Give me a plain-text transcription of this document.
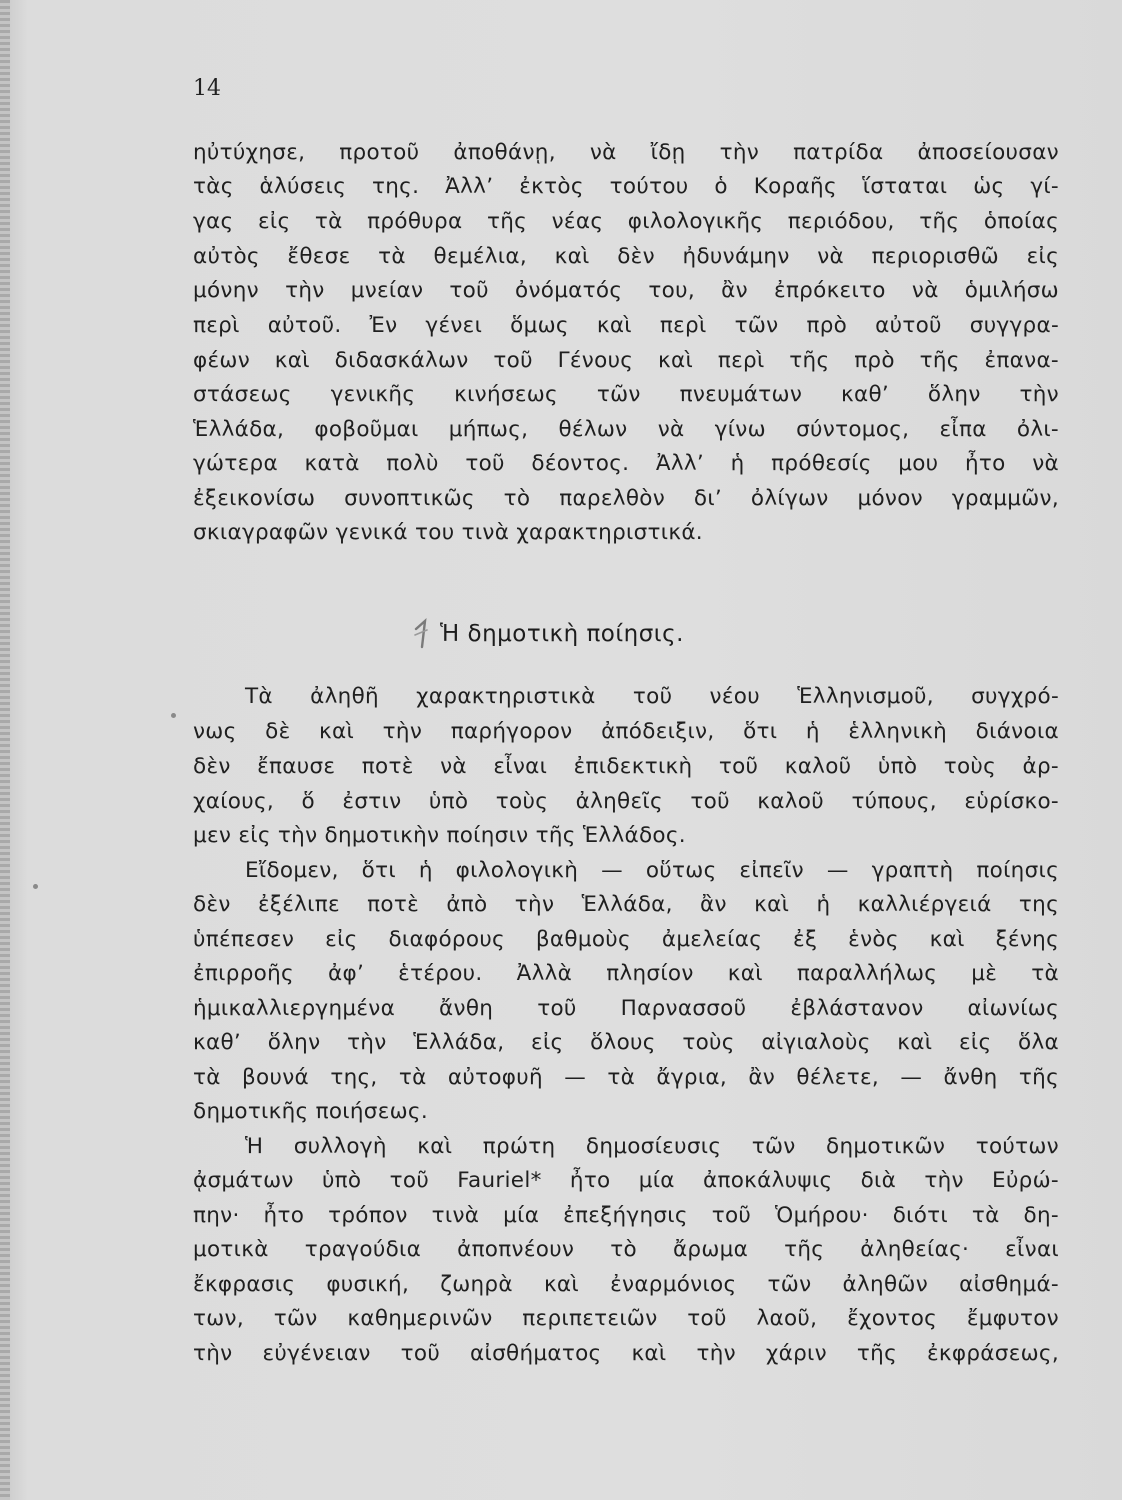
14
ηὐτύχησε, προτοῦ ἀποθάνῃ, νὰ ἴδῃ τὴν πατρίδα ἀποσείουσαν
τὰς ἁλύσεις της. Ἀλλʼ ἐκτὸς τούτου ὁ Κοραῆς ἵσταται ὡς γί-
γας εἰς τὰ πρόθυρα τῆς νέας φιλολογικῆς περιόδου, τῆς ὁποίας
αὐτὸς ἔθεσε τὰ θεμέλια, καὶ δὲν ἠδυνάμην νὰ περιορισθῶ εἰς
μόνην τὴν μνείαν τοῦ ὀνόματός του, ἂν ἐπρόκειτο νὰ ὁμιλήσω
περὶ αὐτοῦ. Ἐν γένει ὅμως καὶ περὶ τῶν πρὸ αὐτοῦ συγγρα-
φέων καὶ διδασκάλων τοῦ Γένους καὶ περὶ τῆς πρὸ τῆς ἐπανα-
στάσεως γενικῆς κινήσεως τῶν πνευμάτων καθʼ ὅλην τὴν
Ἑλλάδα, φοβοῦμαι μήπως, θέλων νὰ γίνω σύντομος, εἶπα ὀλι-
γώτερα κατὰ πολὺ τοῦ δέοντος. Ἀλλʼ ἡ πρόθεσίς μου ἦτο νὰ
ἐξεικονίσω συνοπτικῶς τὸ παρελθὸν διʼ ὀλίγων μόνον γραμμῶν,
σκιαγραφῶν γενικά του τινὰ χαρακτηριστικά.
Ἡ δημοτικὴ ποίησις.
Τὰ ἀληθῆ χαρακτηριστικὰ τοῦ νέου Ἑλληνισμοῦ, συγχρό-
νως δὲ καὶ τὴν παρήγορον ἀπόδειξιν, ὅτι ἡ ἑλληνικὴ διάνοια
δὲν ἔπαυσε ποτὲ νὰ εἶναι ἐπιδεκτικὴ τοῦ καλοῦ ὑπὸ τοὺς ἀρ-
χαίους, ὅ ἐστιν ὑπὸ τοὺς ἀληθεῖς τοῦ καλοῦ τύπους, εὑρίσκο-
μεν εἰς τὴν δημοτικὴν ποίησιν τῆς Ἑλλάδος.
Εἴδομεν, ὅτι ἡ φιλολογικὴ — οὕτως εἰπεῖν — γραπτὴ ποίησις
δὲν ἐξέλιπε ποτὲ ἀπὸ τὴν Ἑλλάδα, ἂν καὶ ἡ καλλιέργειά της
ὑπέπεσεν εἰς διαφόρους βαθμοὺς ἀμελείας ἐξ ἑνὸς καὶ ξένης
ἐπιρροῆς ἀφʼ ἑτέρου. Ἀλλὰ πλησίον καὶ παραλλήλως μὲ τὰ
ἡμικαλλιεργημένα ἄνθη τοῦ Παρνασσοῦ ἐβλάστανον αἰωνίως
καθʼ ὅλην τὴν Ἑλλάδα, εἰς ὅλους τοὺς αἰγιαλοὺς καὶ εἰς ὅλα
τὰ βουνά της, τὰ αὐτοφυῆ — τὰ ἄγρια, ἂν θέλετε, — ἄνθη τῆς
δημοτικῆς ποιήσεως.
Ἡ συλλογὴ καὶ πρώτη δημοσίευσις τῶν δημοτικῶν τούτων
ᾀσμάτων ὑπὸ τοῦ Fauriel* ἦτο μία ἀποκάλυψις διὰ τὴν Εὐρώ-
πην· ἦτο τρόπον τινὰ μία ἐπεξήγησις τοῦ Ὁμήρου· διότι τὰ δη-
μοτικὰ τραγούδια ἀποπνέουν τὸ ἄρωμα τῆς ἀληθείας· εἶναι
ἔκφρασις φυσική, ζωηρὰ καὶ ἐναρμόνιος τῶν ἀληθῶν αἰσθημά-
των, τῶν καθημερινῶν περιπετειῶν τοῦ λαοῦ, ἔχοντος ἔμφυτον
τὴν εὐγένειαν τοῦ αἰσθήματος καὶ τὴν χάριν τῆς ἐκφράσεως,
